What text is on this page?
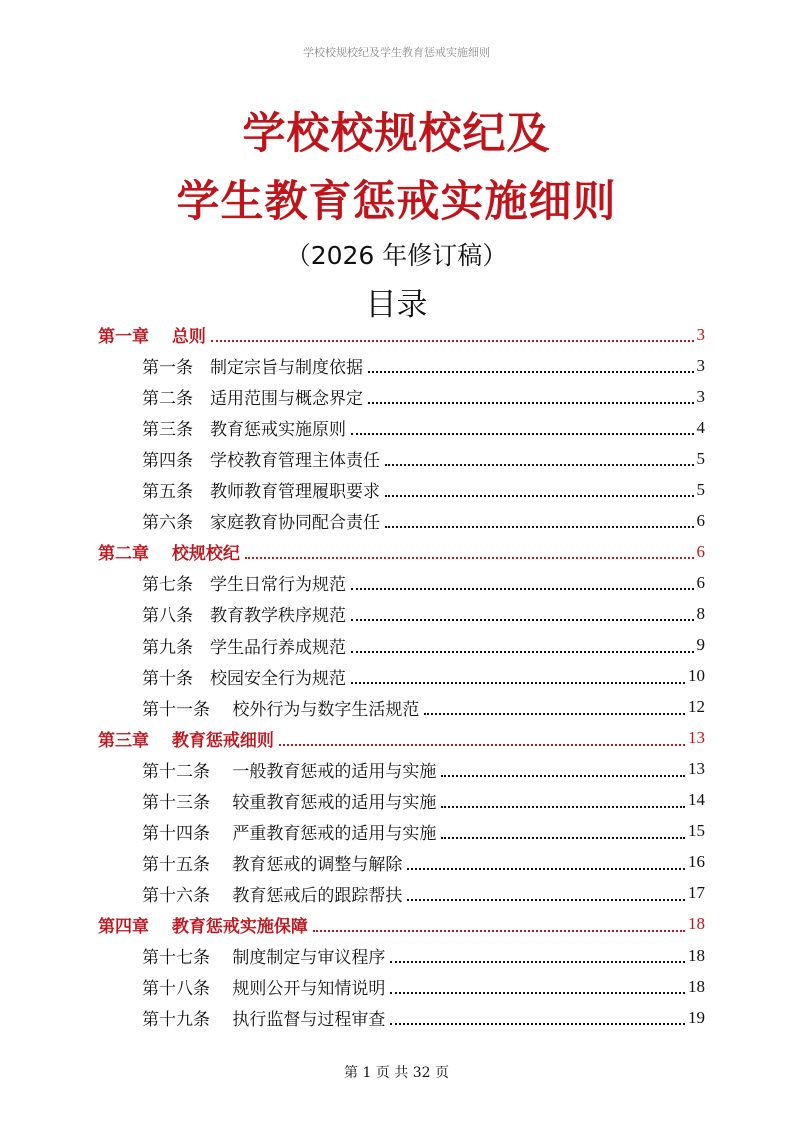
学校校规校纪及学生教育惩戒实施细则
学校校规校纪及
学生教育惩戒实施细则
（2026 年修订稿）
目录
第一章　 总则	3
第一条　制定宗旨与制度依据	3
第二条　适用范围与概念界定	3
第三条　教育惩戒实施原则	4
第四条　学校教育管理主体责任	5
第五条　教师教育管理履职要求	5
第六条　家庭教育协同配合责任	6
第二章　 校规校纪	6
第七条　学生日常行为规范	6
第八条　教育教学秩序规范	8
第九条　学生品行养成规范	9
第十条　校园安全行为规范	10
第十一条　 校外行为与数字生活规范	12
第三章　 教育惩戒细则	13
第十二条　 一般教育惩戒的适用与实施	13
第十三条　 较重教育惩戒的适用与实施	14
第十四条　 严重教育惩戒的适用与实施	15
第十五条　 教育惩戒的调整与解除	16
第十六条　 教育惩戒后的跟踪帮扶	17
第四章　 教育惩戒实施保障	18
第十七条　 制度制定与审议程序	18
第十八条　 规则公开与知情说明	18
第十九条　 执行监督与过程审查	19
第 1 页 共 32 页
